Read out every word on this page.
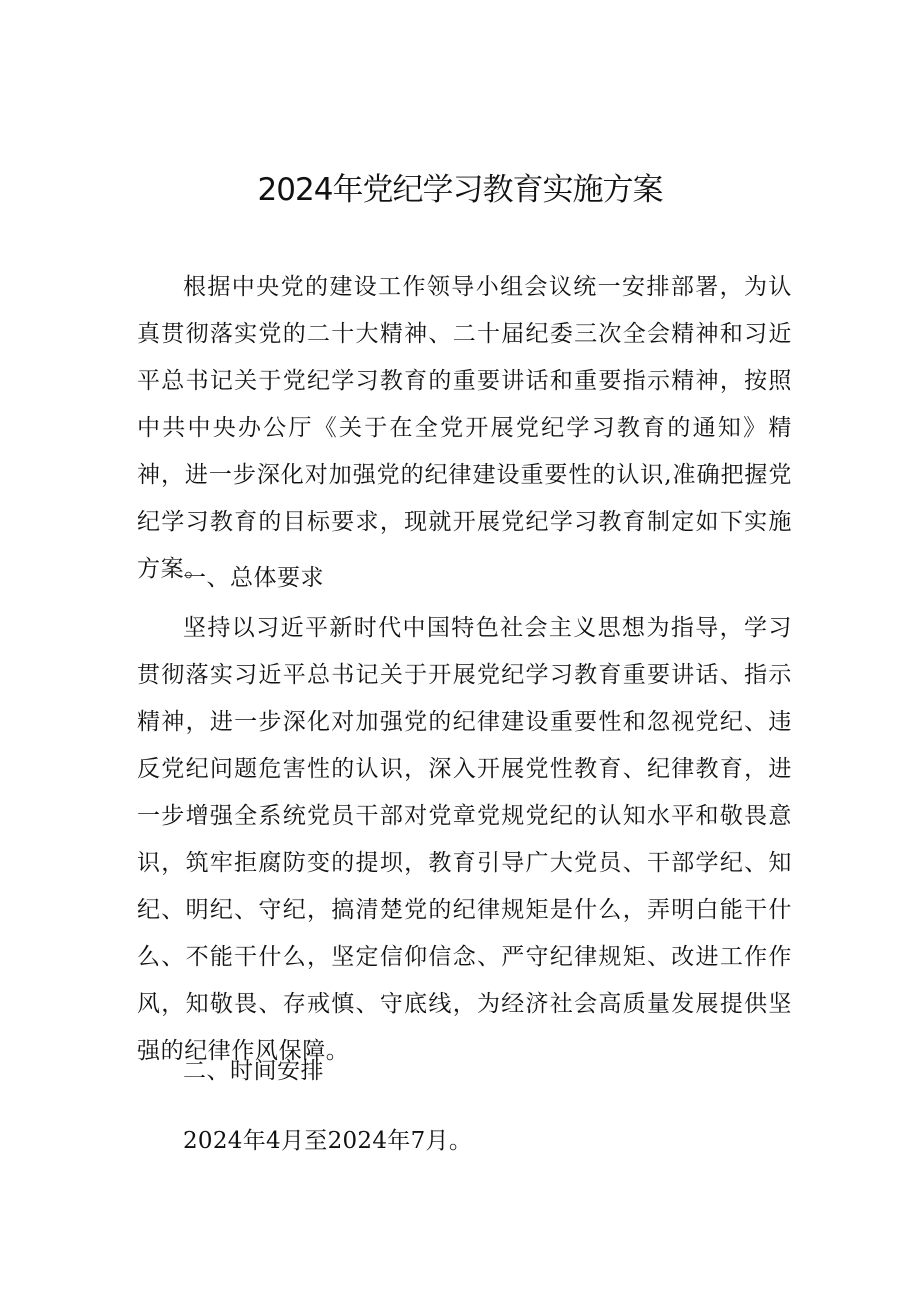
2024年党纪学习教育实施方案

根据中央党的建设工作领导小组会议统一安排部署，为认真贯彻落实党的二十大精神、二十届纪委三次全会精神和习近平总书记关于党纪学习教育的重要讲话和重要指示精神，按照中共中央办公厅《关于在全党开展党纪学习教育的通知》精神，进一步深化对加强党的纪律建设重要性的认识,准确把握党纪学习教育的目标要求，现就开展党纪学习教育制定如下实施方案。

一、总体要求

坚持以习近平新时代中国特色社会主义思想为指导，学习贯彻落实习近平总书记关于开展党纪学习教育重要讲话、指示精神，进一步深化对加强党的纪律建设重要性和忽视党纪、违反党纪问题危害性的认识，深入开展党性教育、纪律教育，进一步增强全系统党员干部对党章党规党纪的认知水平和敬畏意识，筑牢拒腐防变的提坝，教育引导广大党员、干部学纪、知纪、明纪、守纪，搞清楚党的纪律规矩是什么，弄明白能干什么、不能干什么，坚定信仰信念、严守纪律规矩、改进工作作风，知敬畏、存戒慎、守底线，为经济社会高质量发展提供坚强的纪律作风保障。

二、时间安排

2024年4月至2024年7月。
